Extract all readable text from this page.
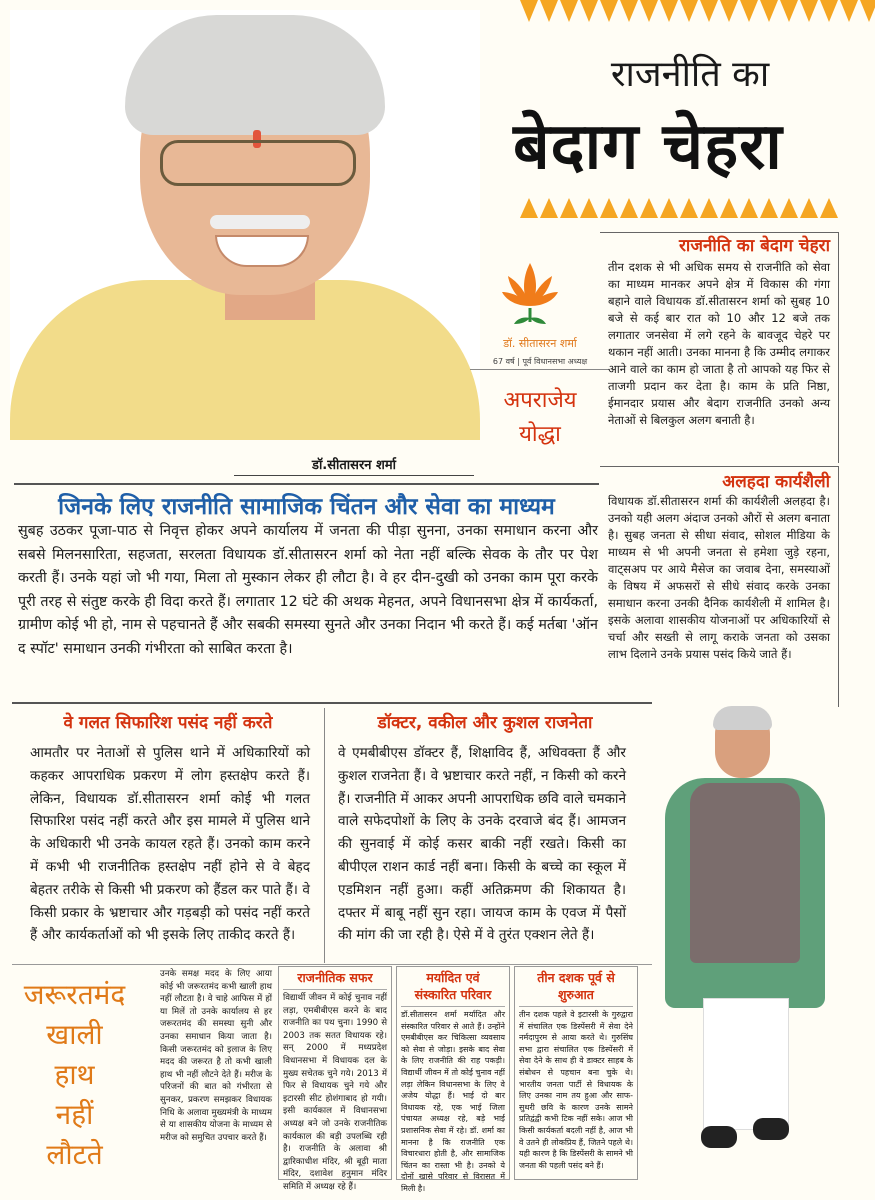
राजनीति का
बेदाग चेहरा
डॉ. सीतासरन शर्मा
67 वर्ष | पूर्व विधानसभा अध्यक्ष
अपराजेय
योद्धा
राजनीति का बेदाग चेहरा
तीन दशक से भी अधिक समय से राजनीति को सेवा का माध्यम मानकर अपने क्षेत्र में विकास की गंगा बहाने वाले विधायक डॉ.सीतासरन शर्मा को सुबह 10 बजे से कई बार रात को 10 और 12 बजे तक लगातार जनसेवा में लगे रहने के बावजूद चेहरे पर थकान नहीं आती। उनका मानना है कि उम्मीद लगाकर आने वाले का काम हो जाता है तो आपको यह फिर से ताजगी प्रदान कर देता है। काम के प्रति निष्ठा, ईमानदार प्रयास और बेदाग राजनीति उनको अन्य नेताओं से बिलकुल अलग बनाती है।
अलहदा कार्यशैली
विधायक डॉ.सीतासरन शर्मा की कार्यशैली अलहदा है। उनको यही अलग अंदाज उनको औरों से अलग बनाता है। सुबह जनता से सीधा संवाद, सोशल मीडिया के माध्यम से भी अपनी जनता से हमेशा जुड़े रहना, वाट्सअप पर आये मैसेज का जवाब देना, समस्याओं के विषय में अफसरों से सीधे संवाद करके उनका समाधान करना उनकी दैनिक कार्यशैली में शामिल है। इसके अलावा शासकीय योजनाओं पर अधिकारियों से चर्चा और सख्ती से लागू कराके जनता को उसका लाभ दिलाने उनके प्रयास पसंद किये जाते हैं।
डॉ.सीतासरन शर्मा
जिनके लिए राजनीति सामाजिक चिंतन और सेवा का माध्यम
सुबह उठकर पूजा-पाठ से निवृत्त होकर अपने कार्यालय में जनता की पीड़ा सुनना, उनका समाधान करना और सबसे मिलनसारिता, सहजता, सरलता विधायक डॉ.सीतासरन शर्मा को नेता नहीं बल्कि सेवक के तौर पर पेश करती हैं। उनके यहां जो भी गया, मिला तो मुस्कान लेकर ही लौटा है। वे हर दीन-दुखी को उनका काम पूरा करके पूरी तरह से संतुष्ट करके ही विदा करते हैं। लगातार 12 घंटे की अथक मेहनत, अपने विधानसभा क्षेत्र में कार्यकर्ता, ग्रामीण कोई भी हो, नाम से पहचानते हैं और सबकी समस्या सुनते और उनका निदान भी करते हैं। कई मर्तबा 'ऑन द स्पॉट' समाधान उनकी गंभीरता को साबित करता है।
वे गलत सिफारिश पसंद नहीं करते
आमतौर पर नेताओं से पुलिस थाने में अधिकारियों को कहकर आपराधिक प्रकरण में लोग हस्तक्षेप करते हैं। लेकिन, विधायक डॉ.सीतासरन शर्मा कोई भी गलत सिफारिश पसंद नहीं करते और इस मामले में पुलिस थाने के अधिकारी भी उनके कायल रहते हैं। उनको काम करने में कभी भी राजनीतिक हस्तक्षेप नहीं होने से वे बेहद बेहतर तरीके से किसी भी प्रकरण को हैंडल कर पाते हैं। वे किसी प्रकार के भ्रष्टाचार और गड़बड़ी को पसंद नहीं करते हैं और कार्यकर्ताओं को भी इसके लिए ताकीद करते हैं।
डॉक्टर, वकील और कुशल राजनेता
वे एमबीबीएस डॉक्टर हैं, शिक्षाविद हैं, अधिवक्ता हैं और कुशल राजनेता हैं। वे भ्रष्टाचार करते नहीं, न किसी को करने हैं। राजनीति में आकर अपनी आपराधिक छवि वाले चमकाने वाले सफेदपोशों के लिए के उनके दरवाजे बंद हैं। आमजन की सुनवाई में कोई कसर बाकी नहीं रखते। किसी का बीपीएल राशन कार्ड नहीं बना। किसी के बच्चे का स्कूल में एडमिशन नहीं हुआ। कहीं अतिक्रमण की शिकायत है। दफ्तर में बाबू नहीं सुन रहा। जायज काम के एवज में पैसों की मांग की जा रही है। ऐसे में वे तुरंत एक्शन लेते हैं।
जरूरतमंद
खाली
हाथ
नहीं
लौटते
उनके समक्ष मदद के लिए आया कोई भी जरूरतमंद कभी खाली हाथ नहीं लौटता है। वे चाहे आफिस में हों या मिलें तो उनके कार्यालय से हर जरूरतमंद की समस्या सुनी और उनका समाधान किया जाता है। किसी जरूरतमंद को इलाज के लिए मदद की जरूरत है तो कभी खाली हाथ भी नहीं लौटने देते हैं। मरीज के परिजनों की बात को गंभीरता से सुनकर, प्रकरण समझकर विधायक निधि के अलावा मुख्यमंत्री के माध्यम से या शासकीय योजना के माध्यम से मरीज को समुचित उपचार करते हैं।
राजनीतिक सफर
विद्यार्थी जीवन में कोई चुनाव नहीं लड़ा, एमबीबीएस करने के बाद राजनीति का पथ चुना। 1990 से 2003 तक सतत विधायक रहे। सन् 2000 में मध्यप्रदेश विधानसभा में विधायक दल के मुख्य सचेतक चुने गये। 2013 में फिर से विधायक चुने गये और इटारसी सीट होशंगाबाद हो गयी। इसी कार्यकाल में विधानसभा अध्यक्ष बने जो उनके राजनीतिक कार्यकाल की बड़ी उपलब्धि रही है। राजनीति के अलावा श्री द्वारिकाधीश मंदिर, श्री बूढ़ी माता मंदिर, दशावेश हनुमान मंदिर समिति में अध्यक्ष रहे हैं।
मर्यादित एवं
संस्कारित परिवार
डॉ.सीतासरन शर्मा मर्यादित और संस्कारित परिवार से आते हैं। उन्होंने एमबीबीएस कर चिकित्सा व्यवसाय को सेवा से जोड़ा। इसके बाद सेवा के लिए राजनीति की राह पकड़ी। विद्यार्थी जीवन में तो कोई चुनाव नहीं लड़ा लेकिन विधानसभा के लिए वे अजेय योद्धा हैं। भाई दो बार विधायक रहे, एक भाई जिला पंचायत अध्यक्ष रहे, बड़े भाई प्रशासनिक सेवा में रहे। डॉ. शर्मा का मानना है कि राजनीति एक विचारधारा होती है, और सामाजिक चिंतन का रास्ता भी है। उनको ये दोनों खासे परिवार से विरासत में मिली है।
तीन दशक पूर्व से
शुरुआत
तीन दशक पहले वे इटारसी के गुरुद्वारा में संचालित एक डिस्पेंसरी में सेवा देने नर्मदापुरम से आया करते थे। गुरुसिंघ सभा द्वारा संचालित एक डिस्पेंसरी में सेवा देने के साथ ही वे डाक्टर साहब के संबोधन से पहचान बना चुके थे। भारतीय जनता पार्टी से विधायक के लिए उनका नाम तय हुआ और साफ-सुथरी छवि के कारण उनके सामने प्रतिद्वंद्वी कभी टिक नहीं सके। आज भी किसी कार्यकर्ता बदली नहीं है, आज भी वे उतने ही लोकप्रिय हैं, जितने पहले थे। यही कारण है कि डिस्पेंसरी के सामने भी जनता की पहली पसंद बने हैं।
